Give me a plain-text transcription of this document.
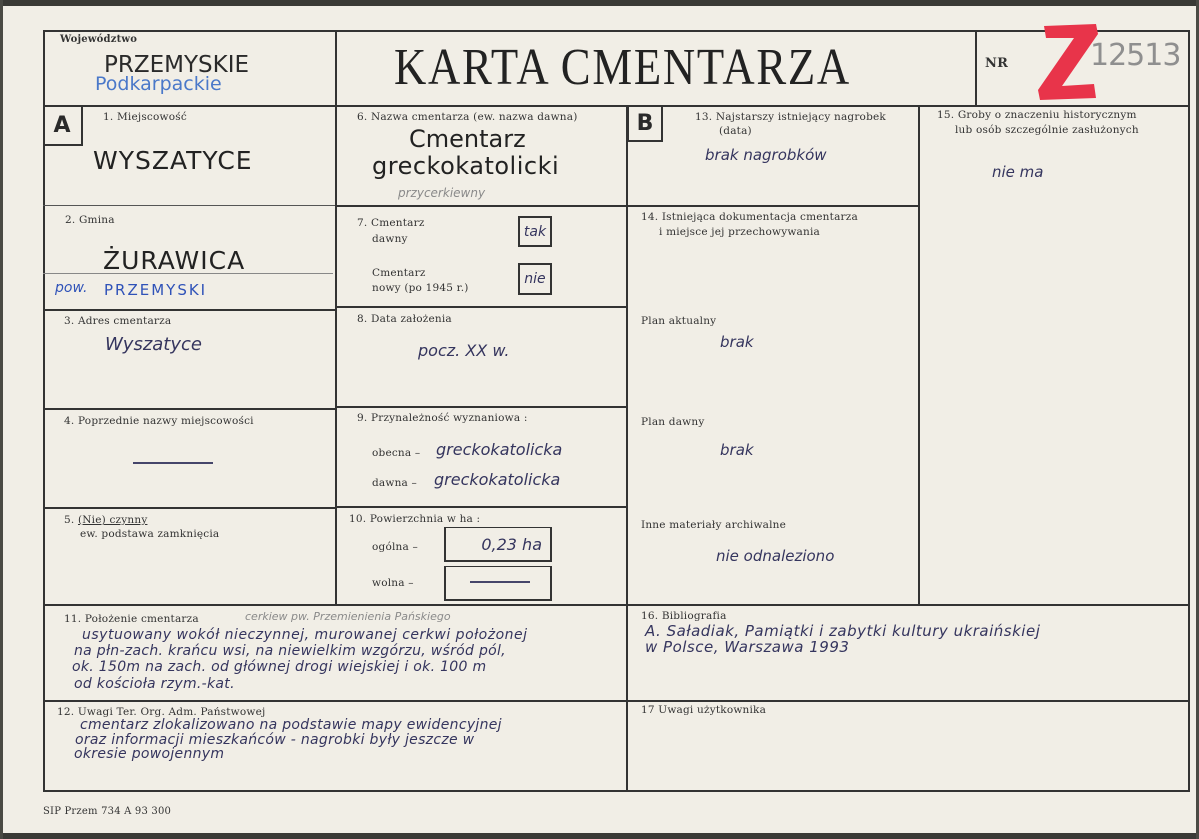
Województwo
PRZEMYSKIE
Podkarpackie	KARTA CMENTARZA	NR	12513
A	1. Miejscowość
WYSZATYCE
2. Gmina
ŻURAWICA
pow. PRZEMYSKI
3. Adres cmentarza
Wyszatyce
4. Poprzednie nazwy miejscowości
5. (Nie) czynny
ew. podstawa zamknięcia
6. Nazwa cmentarza (ew. nazwa dawna)
Cmentarz
greckokatolicki
przycerkiewny
7. Cmentarz
dawny	tak
Cmentarz
nowy (po 1945 r.)
nie
8. Data założenia
pocz. XX w.
9. Przynależność wyznaniowa :
obecna – greckokatolicka
dawna – greckokatolicka
10. Powierzchnia w ha :
ogólna –	0,23 ha
wolna –
B	13. Najstarszy istniejący nagrobek
(data)
brak nagrobków
14. Istniejąca dokumentacja cmentarza
i miejsce jej przechowywania
Plan aktualny
brak
Plan dawny
brak
Inne materiały archiwalne
nie odnaleziono
15. Groby o znaczeniu historycznym
lub osób szczególnie zasłużonych
nie ma
11. Położenie cmentarza	cerkiew pw. Przemienienia Pańskiego
usytuowany wokół nieczynnej, murowanej cerkwi położonej
na płn-zach. krańcu wsi, na niewielkim wzgórzu, wśród pól,
ok. 150m na zach. od głównej drogi wiejskiej i ok. 100 m
od kościoła rzym.-kat.
12. Uwagi Ter. Org. Adm. Państwowej
cmentarz zlokalizowano na podstawie mapy ewidencyjnej
oraz informacji mieszkańców - nagrobki były jeszcze w
okresie powojennym
16. Bibliografia
A. Saładiak, Pamiątki i zabytki kultury ukraińskiej
w Polsce, Warszawa 1993
17 Uwagi użytkownika
SIP Przem 734 A 93 300
